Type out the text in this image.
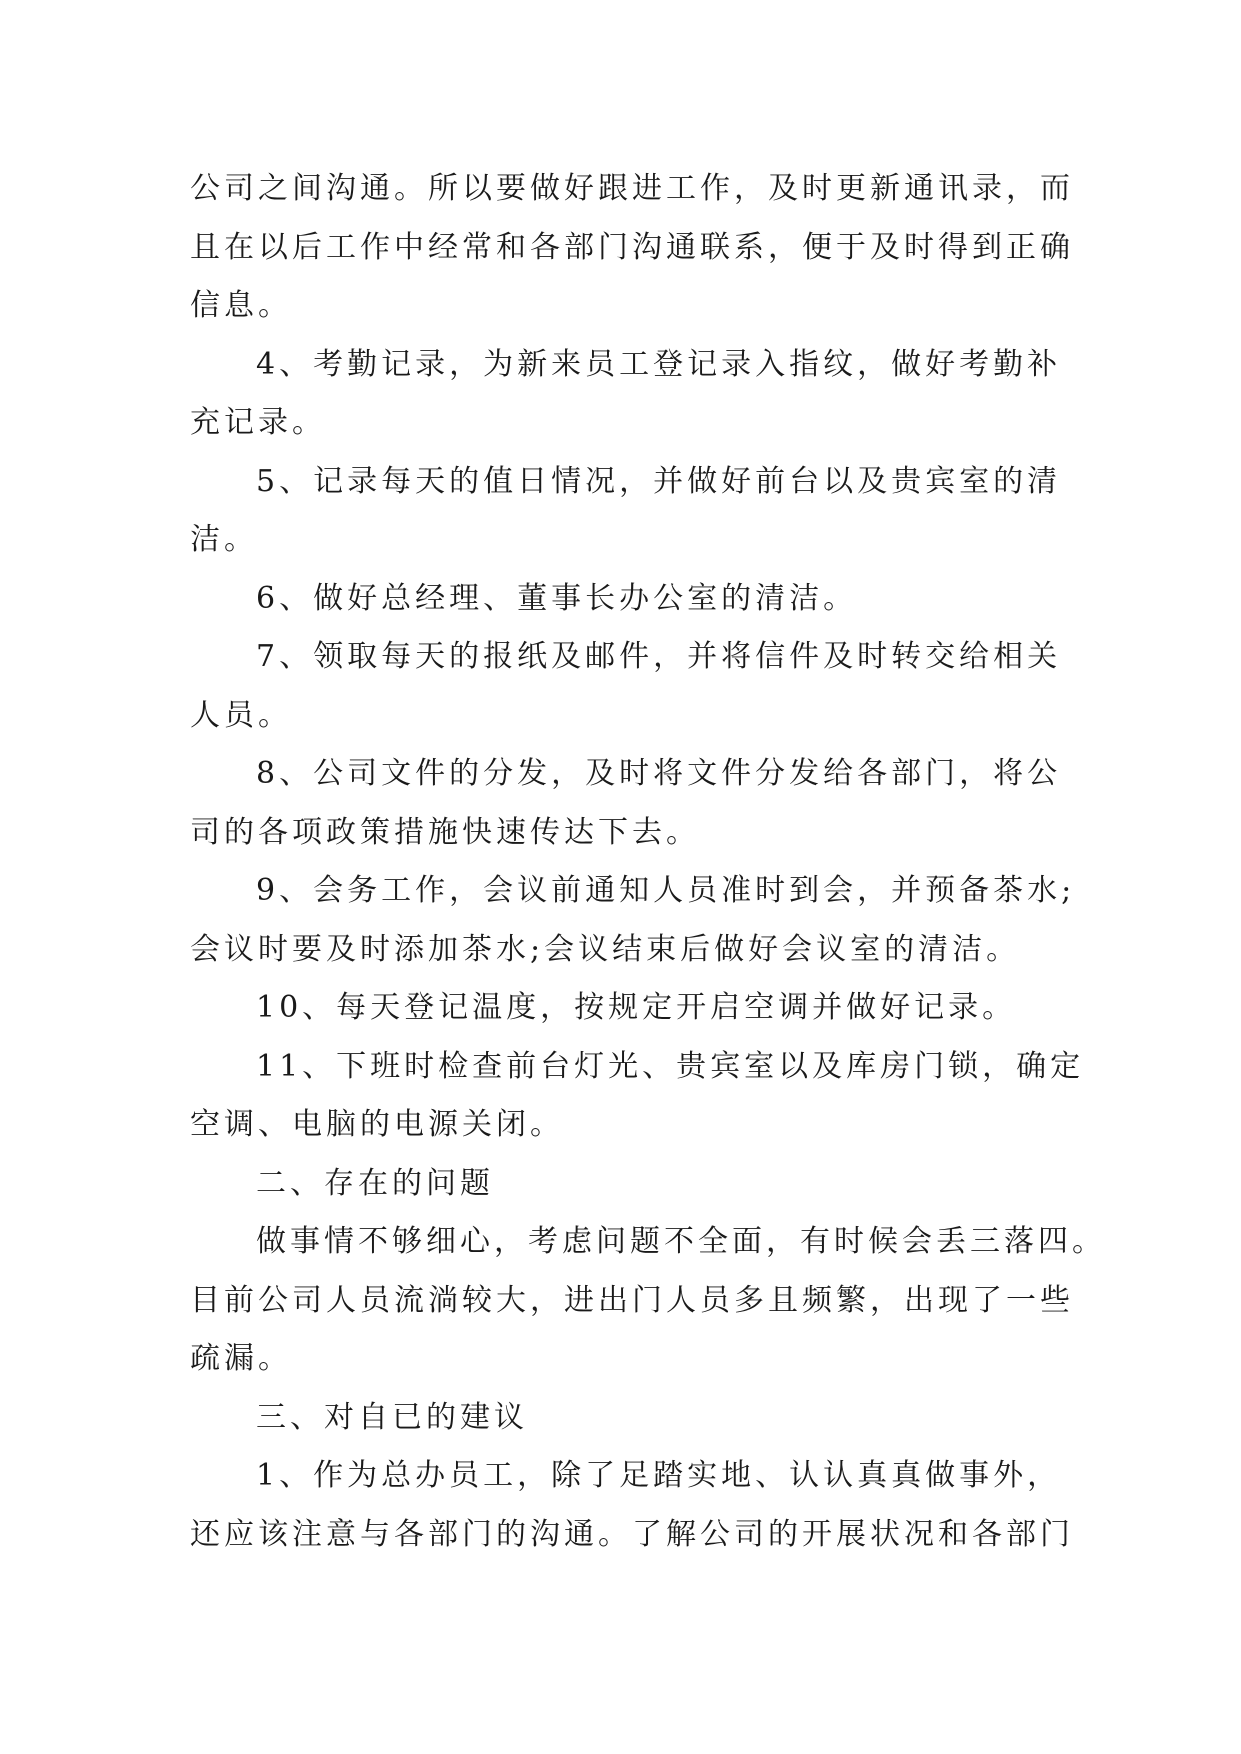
公司之间沟通。所以要做好跟进工作，及时更新通讯录，而
且在以后工作中经常和各部门沟通联系，便于及时得到正确
信息。
4、考勤记录，为新来员工登记录入指纹，做好考勤补
充记录。
5、记录每天的值日情况，并做好前台以及贵宾室的清
洁。
6、做好总经理、董事长办公室的清洁。
7、领取每天的报纸及邮件，并将信件及时转交给相关
人员。
8、公司文件的分发，及时将文件分发给各部门，将公
司的各项政策措施快速传达下去。
9、会务工作，会议前通知人员准时到会，并预备茶水;
会议时要及时添加茶水;会议结束后做好会议室的清洁。
10、每天登记温度，按规定开启空调并做好记录。
11、下班时检查前台灯光、贵宾室以及库房门锁，确定
空调、电脑的电源关闭。
二、存在的问题
做事情不够细心，考虑问题不全面，有时候会丢三落四。
目前公司人员流淌较大，进出门人员多且频繁，出现了一些
疏漏。
三、对自已的建议
1、作为总办员工，除了足踏实地、认认真真做事外，
还应该注意与各部门的沟通。了解公司的开展状况和各部门
